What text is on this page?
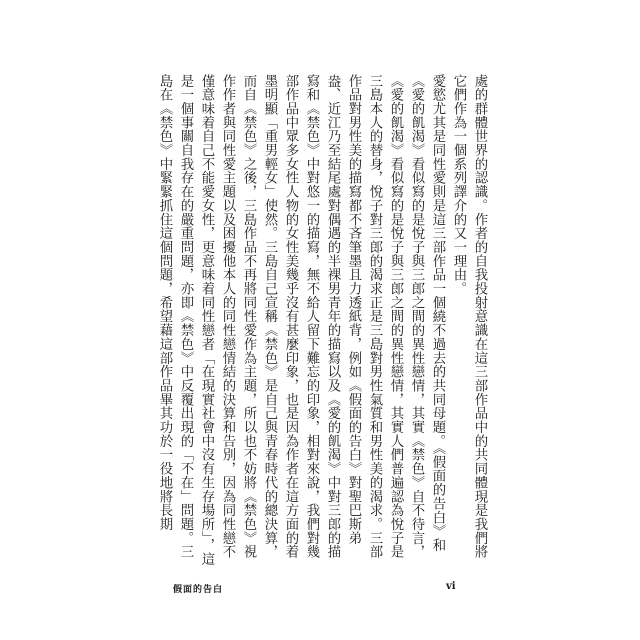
處的群體世界的認識。作者的自我投射意識在這三部作品中的共同體現是我們將它們作為一個系列譯介的又一理由。

愛慾尤其是同性愛則是這三部作品一個繞不過去的共同母題。《假面的告白》和《愛的飢渴》看似寫的是悅子與三郎之間的異性戀情，其實《禁色》自不待言，《愛的飢渴》看似寫的是悅子與三郎之間的異性戀情，其實人們普遍認為悅子是三島本人的替身，悅子對三郎的渴求正是三島對男性氣質和男性美的渴求。三部作品對男性美的描寫都不吝筆墨且力透紙背，例如《假面的告白》對聖巴斯弟盎、近江乃至結尾處對偶遇的半裸男青年的描寫以及《愛的飢渴》中對三郎的描寫和《禁色》中對悠一的描寫，無不給人留下難忘的印象，相對來說，我們對幾部作品中眾多女性人物的女性美幾乎沒有甚麼印象，也是因為作者在這方面的着墨明顯「重男輕女」使然。三島自己宣稱《禁色》是自己與青春時代的總決算，而自《禁色》之後，三島作品不再將同性愛作為主題，所以也不妨將《禁色》視作作者與同性愛主題以及困擾他本人的同性戀情結的決算和告別，因為同性戀不僅意味着自己不能愛女性，更意味着同性戀者「在現實社會中沒有生存場所」，這是一個事關自我存在的嚴重問題，亦即《禁色》中反覆出現的「不在」問題。三島在《禁色》中緊緊抓住這個問題，希望藉這部作品畢其功於一役地將長期

假面的告白	vi
